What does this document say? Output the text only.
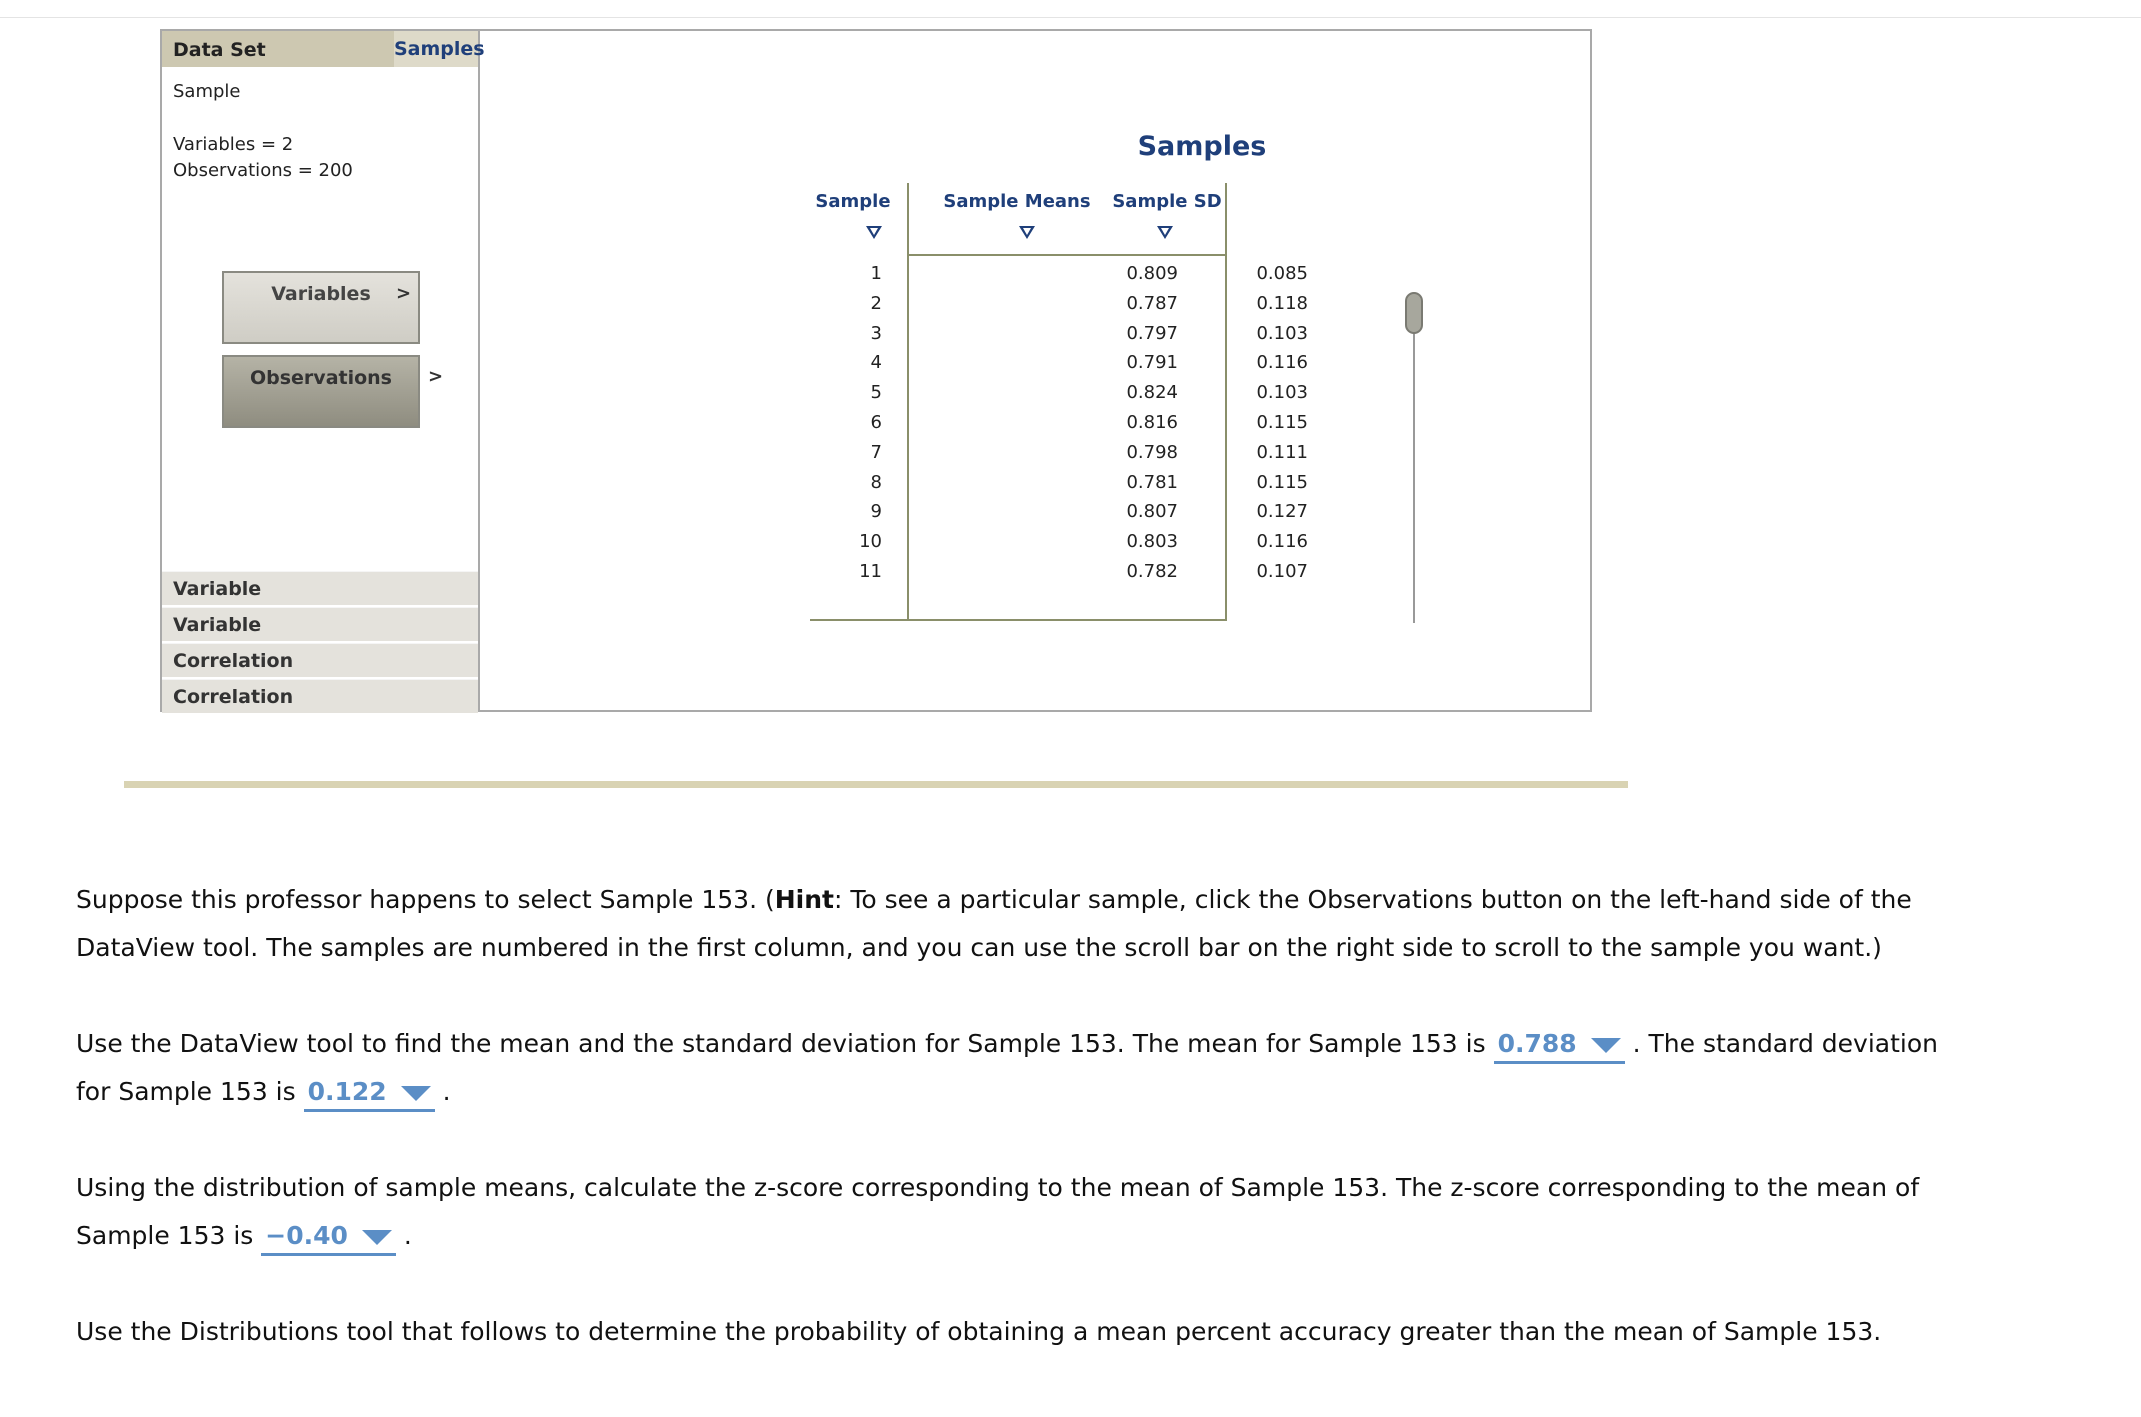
Data Set	Samples
Sample
Variables = 2
Observations = 200
Variables	>
Observations	>
Variable
Variable
Correlation
Correlation
Samples
Sample	Sample Means	Sample SD
1	0.809	0.085
2	0.787	0.118
3	0.797	0.103
4	0.791	0.116
5	0.824	0.103
6	0.816	0.115
7	0.798	0.111
8	0.781	0.115
9	0.807	0.127
10	0.803	0.116
11	0.782	0.107
Suppose this professor happens to select Sample 153. (Hint: To see a particular sample, click the Observations button on the left-hand side of the
DataView tool. The samples are numbered in the first column, and you can use the scroll bar on the right side to scroll to the sample you want.)
Use the DataView tool to find the mean and the standard deviation for Sample 153. The mean for Sample 153 is 0.788 . The standard deviation
for Sample 153 is 0.122 .
Using the distribution of sample means, calculate the z-score corresponding to the mean of Sample 153. The z-score corresponding to the mean of
Sample 153 is −0.40 .
Use the Distributions tool that follows to determine the probability of obtaining a mean percent accuracy greater than the mean of Sample 153.
